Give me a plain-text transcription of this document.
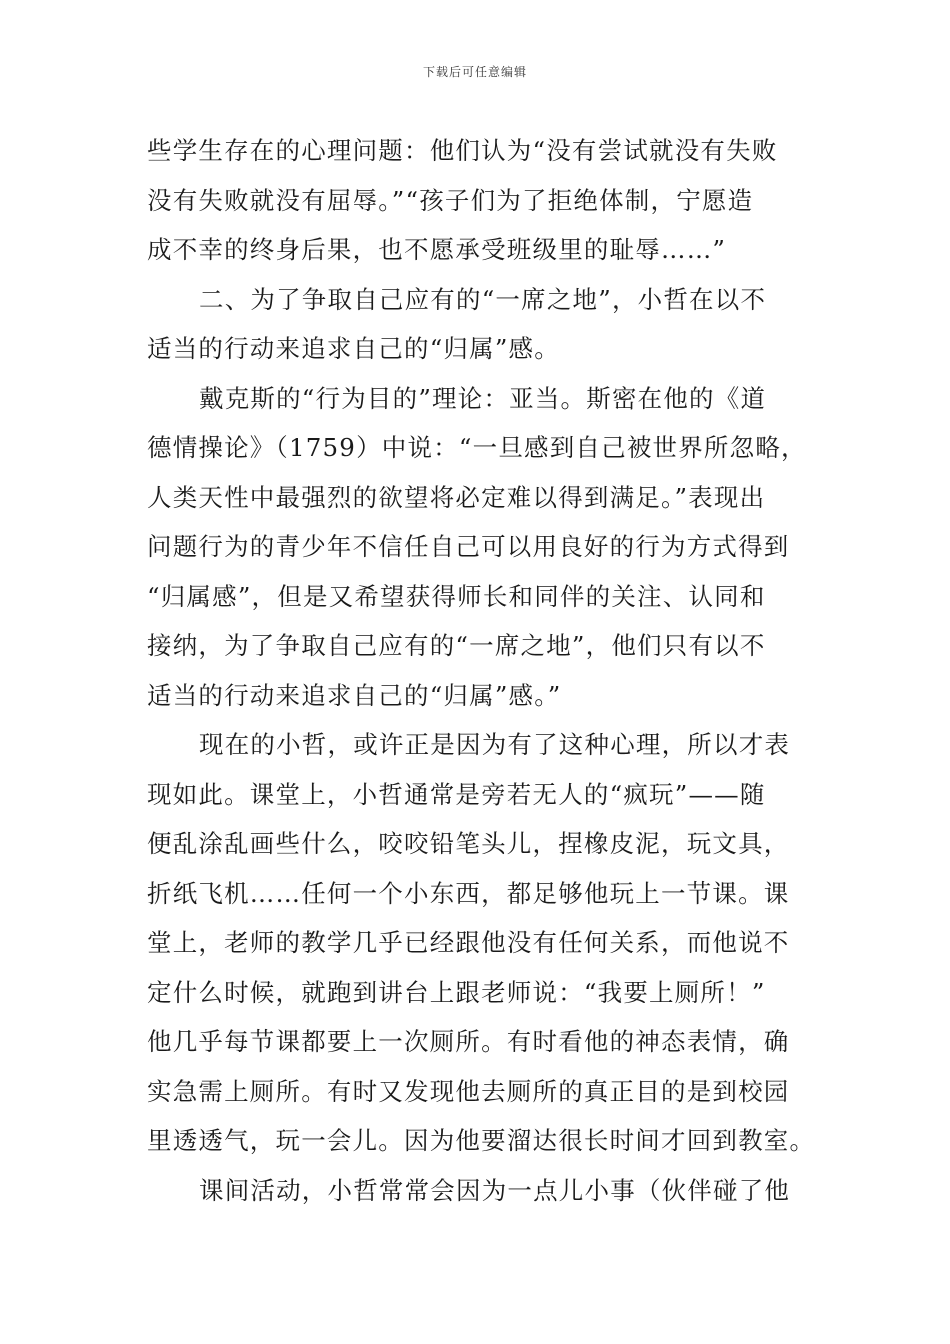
下载后可任意编辑
些学生存在的心理问题：他们认为“没有尝试就没有失败
没有失败就没有屈辱。”“孩子们为了拒绝体制，宁愿造
成不幸的终身后果，也不愿承受班级里的耻辱……”
二、为了争取自己应有的“一席之地”，小哲在以不
适当的行动来追求自己的“归属”感。
戴克斯的“行为目的”理论：亚当。斯密在他的《道
德情操论》（1759）中说：“一旦感到自己被世界所忽略，
人类天性中最强烈的欲望将必定难以得到满足。”表现出
问题行为的青少年不信任自己可以用良好的行为方式得到
“归属感”，但是又希望获得师长和同伴的关注、认同和
接纳，为了争取自己应有的“一席之地”，他们只有以不
适当的行动来追求自己的“归属”感。”
现在的小哲，或许正是因为有了这种心理，所以才表
现如此。课堂上，小哲通常是旁若无人的“疯玩”——随
便乱涂乱画些什么，咬咬铅笔头儿，捏橡皮泥，玩文具，
折纸飞机……任何一个小东西，都足够他玩上一节课。课
堂上，老师的教学几乎已经跟他没有任何关系，而他说不
定什么时候，就跑到讲台上跟老师说：“我要上厕所！”
他几乎每节课都要上一次厕所。有时看他的神态表情，确
实急需上厕所。有时又发现他去厕所的真正目的是到校园
里透透气，玩一会儿。因为他要溜达很长时间才回到教室。
课间活动，小哲常常会因为一点儿小事（伙伴碰了他
